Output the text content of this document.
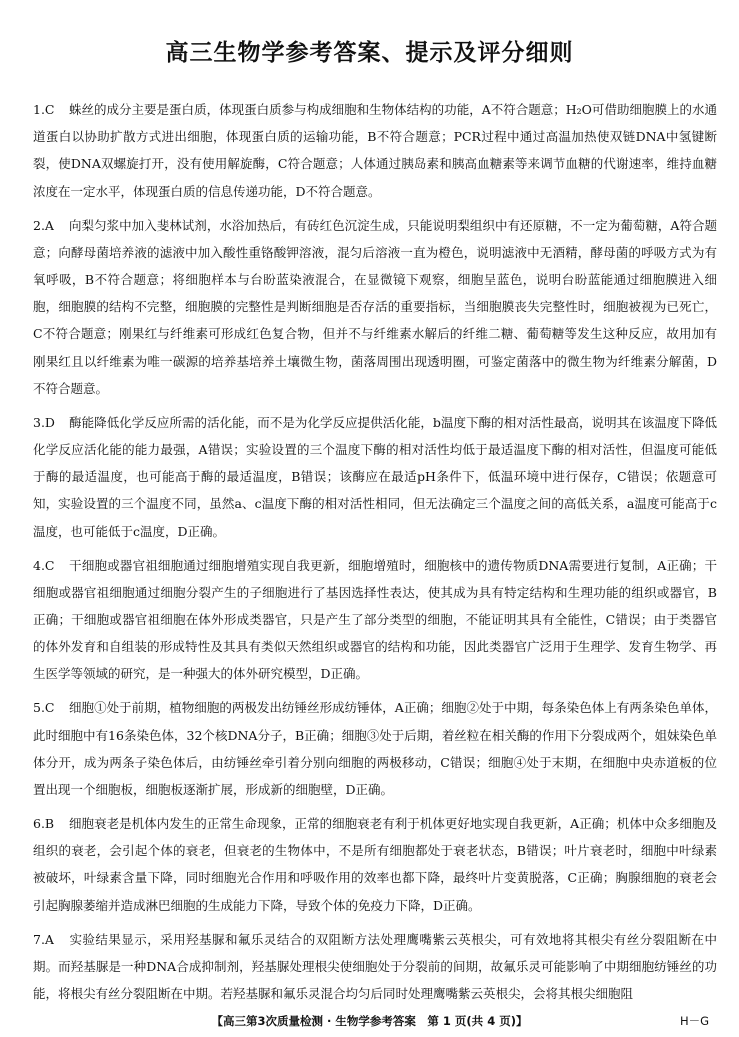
高三生物学参考答案、提示及评分细则

1.C 蛛丝的成分主要是蛋白质，体现蛋白质参与构成细胞和生物体结构的功能，A不符合题意；H₂O可借助细胞膜上的水通道蛋白以协助扩散方式进出细胞，体现蛋白质的运输功能，B不符合题意；PCR过程中通过高温加热使双链DNA中氢键断裂，使DNA双螺旋打开，没有使用解旋酶，C符合题意；人体通过胰岛素和胰高血糖素等来调节血糖的代谢速率，维持血糖浓度在一定水平，体现蛋白质的信息传递功能，D不符合题意。

2.A 向梨匀浆中加入斐林试剂，水浴加热后，有砖红色沉淀生成，只能说明梨组织中有还原糖，不一定为葡萄糖，A符合题意；向酵母菌培养液的滤液中加入酸性重铬酸钾溶液，混匀后溶液一直为橙色，说明滤液中无酒精，酵母菌的呼吸方式为有氧呼吸，B不符合题意；将细胞样本与台盼蓝染液混合，在显微镜下观察，细胞呈蓝色，说明台盼蓝能通过细胞膜进入细胞，细胞膜的结构不完整，细胞膜的完整性是判断细胞是否存活的重要指标，当细胞膜丧失完整性时，细胞被视为已死亡，C不符合题意；刚果红与纤维素可形成红色复合物，但并不与纤维素水解后的纤维二糖、葡萄糖等发生这种反应，故用加有刚果红且以纤维素为唯一碳源的培养基培养土壤微生物，菌落周围出现透明圈，可鉴定菌落中的微生物为纤维素分解菌，D不符合题意。

3.D 酶能降低化学反应所需的活化能，而不是为化学反应提供活化能，b温度下酶的相对活性最高，说明其在该温度下降低化学反应活化能的能力最强，A错误；实验设置的三个温度下酶的相对活性均低于最适温度下酶的相对活性，但温度可能低于酶的最适温度，也可能高于酶的最适温度，B错误；该酶应在最适pH条件下，低温环境中进行保存，C错误；依题意可知，实验设置的三个温度不同，虽然a、c温度下酶的相对活性相同，但无法确定三个温度之间的高低关系，a温度可能高于c温度，也可能低于c温度，D正确。

4.C 干细胞或器官祖细胞通过细胞增殖实现自我更新，细胞增殖时，细胞核中的遗传物质DNA需要进行复制，A正确；干细胞或器官祖细胞通过细胞分裂产生的子细胞进行了基因选择性表达，使其成为具有特定结构和生理功能的组织或器官，B正确；干细胞或器官祖细胞在体外形成类器官，只是产生了部分类型的细胞，不能证明其具有全能性，C错误；由于类器官的体外发育和自组装的形成特性及其具有类似天然组织或器官的结构和功能，因此类器官广泛用于生理学、发育生物学、再生医学等领域的研究，是一种强大的体外研究模型，D正确。

5.C 细胞①处于前期，植物细胞的两极发出纺锤丝形成纺锤体，A正确；细胞②处于中期，每条染色体上有两条染色单体，此时细胞中有16条染色体，32个核DNA分子，B正确；细胞③处于后期，着丝粒在相关酶的作用下分裂成两个，姐妹染色单体分开，成为两条子染色体后，由纺锤丝牵引着分别向细胞的两极移动，C错误；细胞④处于末期，在细胞中央赤道板的位置出现一个细胞板，细胞板逐渐扩展，形成新的细胞壁，D正确。

6.B 细胞衰老是机体内发生的正常生命现象，正常的细胞衰老有利于机体更好地实现自我更新，A正确；机体中众多细胞及组织的衰老，会引起个体的衰老，但衰老的生物体中，不是所有细胞都处于衰老状态，B错误；叶片衰老时，细胞中叶绿素被破坏，叶绿素含量下降，同时细胞光合作用和呼吸作用的效率也都下降，最终叶片变黄脱落，C正确；胸腺细胞的衰老会引起胸腺萎缩并造成淋巴细胞的生成能力下降，导致个体的免疫力下降，D正确。

7.A 实验结果显示，采用羟基脲和氟乐灵结合的双阻断方法处理鹰嘴紫云英根尖，可有效地将其根尖有丝分裂阻断在中期。而羟基脲是一种DNA合成抑制剂，羟基脲处理根尖使细胞处于分裂前的间期，故氟乐灵可能影响了中期细胞纺锤丝的功能，将根尖有丝分裂阻断在中期。若羟基脲和氟乐灵混合均匀后同时处理鹰嘴紫云英根尖，会将其根尖细胞阻

【高三第3次质量检测 · 生物学参考答案　第 1 页(共 4 页)】	H－G
